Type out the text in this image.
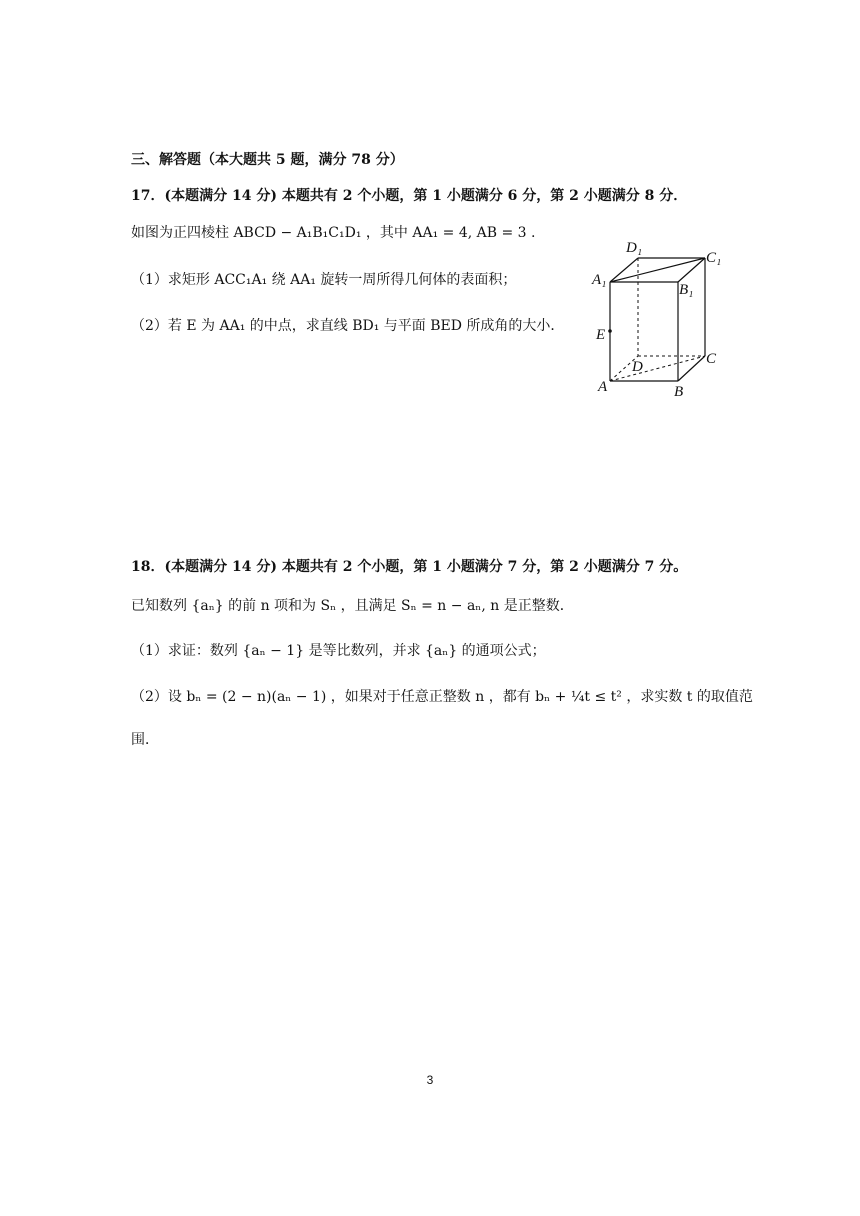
三、解答题（本大题共 5 题，满分 78 分）
17．(本题满分 14 分) 本题共有 2 个小题，第 1 小题满分 6 分，第 2 小题满分 8 分．
如图为正四棱柱 ABCD − A₁B₁C₁D₁ ，其中 AA₁ = 4, AB = 3 .
（1）求矩形 ACC₁A₁ 绕 AA₁ 旋转一周所得几何体的表面积；
（2）若 E 为 AA₁ 的中点，求直线 BD₁ 与平面 BED 所成角的大小．
D₁
C₁
A₁
B₁
E
D	C
A	B
18．(本题满分 14 分) 本题共有 2 个小题，第 1 小题满分 7 分，第 2 小题满分 7 分。
已知数列 {aₙ} 的前 n 项和为 Sₙ ，且满足 Sₙ = n − aₙ, n 是正整数．
（1）求证：数列 {aₙ − 1} 是等比数列，并求 {aₙ} 的通项公式；
（2）设 bₙ = (2 − n)(aₙ − 1) ，如果对于任意正整数 n ，都有 bₙ + ¼t ≤ t² ，求实数 t 的取值范
围．
3
